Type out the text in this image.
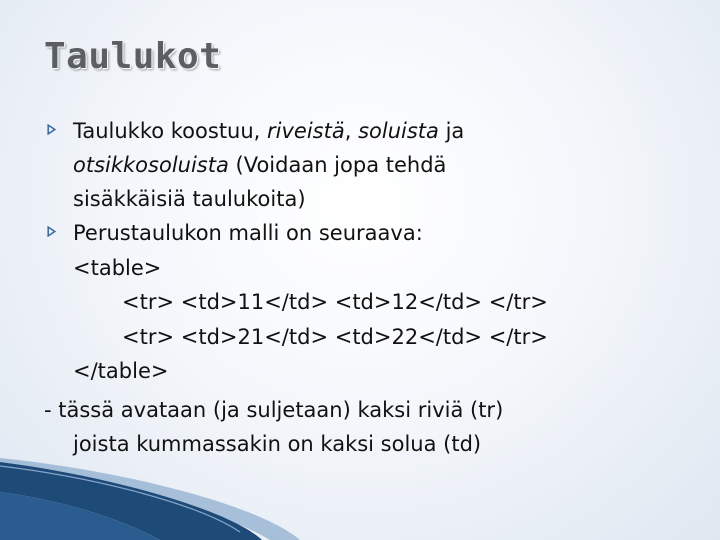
Taulukot
Taulukko koostuu, riveistä, soluista ja
otsikkosoluista (Voidaan jopa tehdä
sisäkkäisiä taulukoita)
Perustaulukon malli on seuraava:
<table>
<tr> <td>11</td> <td>12</td> </tr>
<tr> <td>21</td> <td>22</td> </tr>
</table>
- tässä avataan (ja suljetaan) kaksi riviä (tr)
joista kummassakin on kaksi solua (td)
